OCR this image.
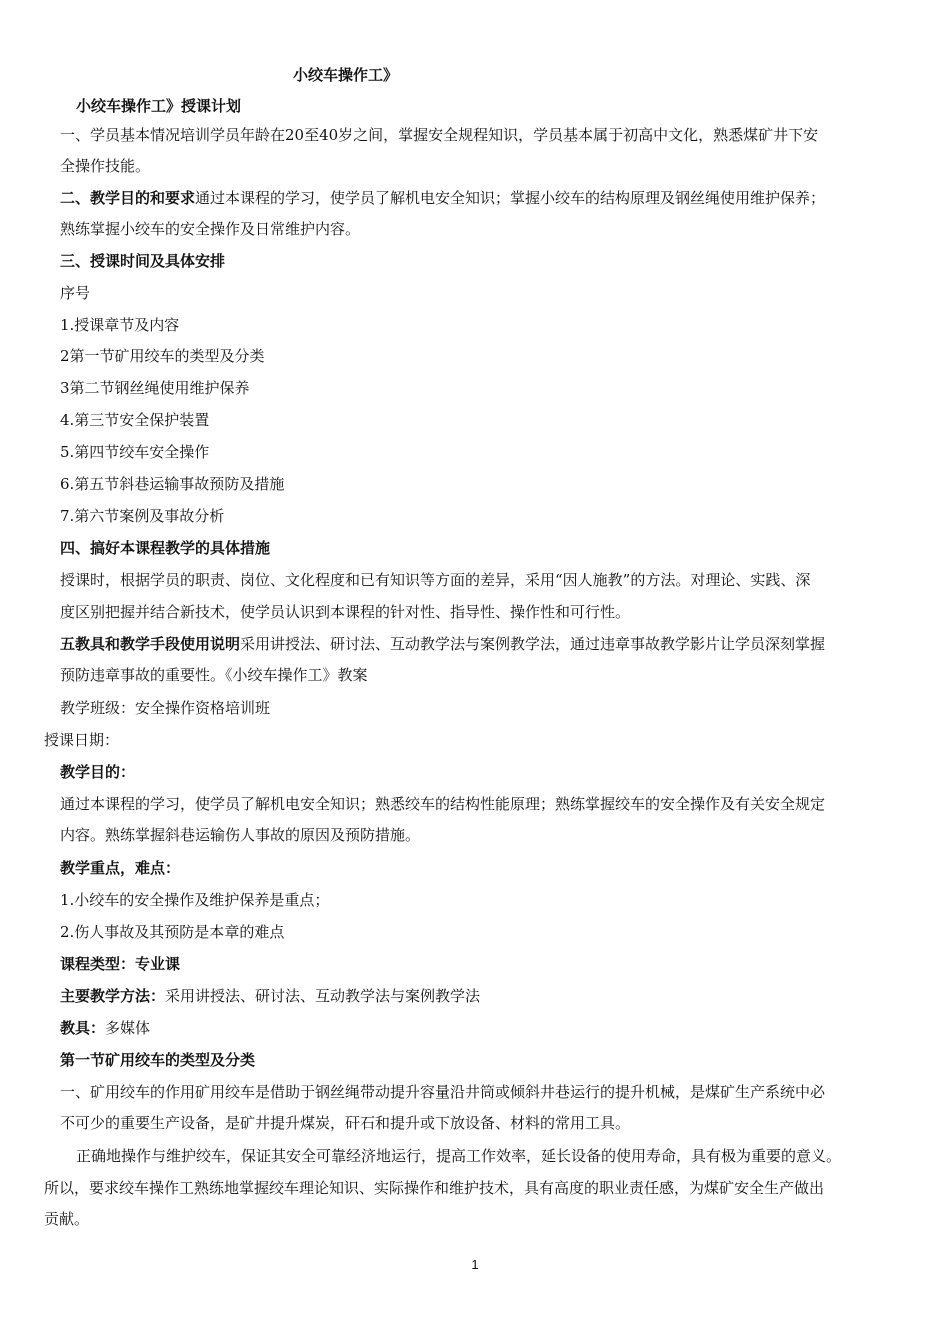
小绞车操作工》
小绞车操作工》授课计划
一、学员基本情况培训学员年龄在20至40岁之间，掌握安全规程知识，学员基本属于初高中文化，熟悉煤矿井下安
全操作技能。
二、教学目的和要求通过本课程的学习，使学员了解机电安全知识；掌握小绞车的结构原理及钢丝绳使用维护保养；
熟练掌握小绞车的安全操作及日常维护内容。
三、授课时间及具体安排
序号
1.授课章节及内容
2第一节矿用绞车的类型及分类
3第二节钢丝绳使用维护保养
4.第三节安全保护装置
5.第四节绞车安全操作
6.第五节斜巷运输事故预防及措施
7.第六节案例及事故分析
四、搞好本课程教学的具体措施
授课时，根据学员的职责、岗位、文化程度和已有知识等方面的差异，采用“因人施教”的方法。对理论、实践、深
度区别把握并结合新技术，使学员认识到本课程的针对性、指导性、操作性和可行性。
五教具和教学手段使用说明采用讲授法、研讨法、互动教学法与案例教学法，通过违章事故教学影片让学员深刻掌握
预防违章事故的重要性。《小绞车操作工》教案
教学班级：安全操作资格培训班
授课日期：
教学目的：
通过本课程的学习，使学员了解机电安全知识；熟悉绞车的结构性能原理；熟练掌握绞车的安全操作及有关安全规定
内容。熟练掌握斜巷运输伤人事故的原因及预防措施。
教学重点，难点：
1.小绞车的安全操作及维护保养是重点；
2.伤人事故及其预防是本章的难点
课程类型：专业课
主要教学方法：采用讲授法、研讨法、互动教学法与案例教学法
教具：多媒体
第一节矿用绞车的类型及分类
一、矿用绞车的作用矿用绞车是借助于钢丝绳带动提升容量沿井筒或倾斜井巷运行的提升机械，是煤矿生产系统中必
不可少的重要生产设备，是矿井提升煤炭，矸石和提升或下放设备、材料的常用工具。
正确地操作与维护绞车，保证其安全可靠经济地运行，提高工作效率，延长设备的使用寿命，具有极为重要的意义。
所以，要求绞车操作工熟练地掌握绞车理论知识、实际操作和维护技术，具有高度的职业责任感，为煤矿安全生产做出
贡献。
1
